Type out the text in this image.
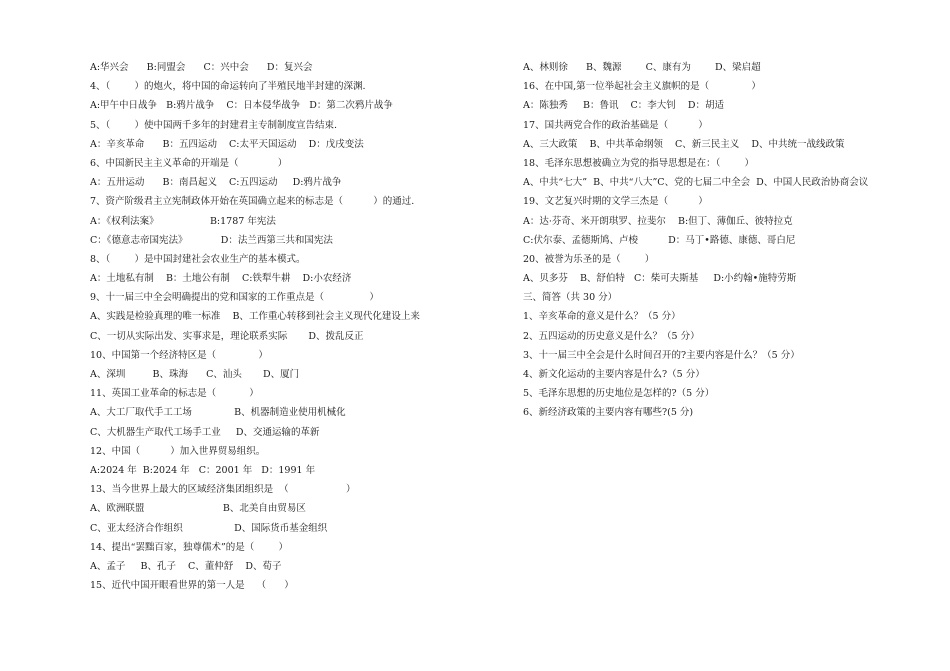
A:华兴会      B:同盟会      C：兴中会      D：复兴会
4、（        ）的炮火，将中国的命运转向了半殖民地半封建的深渊.
A:甲午中日战争   B:鸦片战争    C：日本侵华战争   D：第二次鸦片战争
5、（        ）使中国两千多年的封建君主专制制度宣告结束.
A：辛亥革命      B：五四运动    C:太平天国运动    D：戊戌变法
6、中国新民主主义革命的开端是（             ）
A：五卅运动      B：南昌起义    C:五四运动     D:鸦片战争
7、资产阶级君主立宪制政体开始在英国确立起来的标志是（          ）的通过.
A：《权利法案》                 B:1787 年宪法
C：《德意志帝国宪法》           D：法兰西第三共和国宪法
8、（        ）是中国封建社会农业生产的基本模式。
A：土地私有制    B：土地公有制    C:铁犁牛耕    D:小农经济
9、十一届三中全会明确提出的党和国家的工作重点是（               ）
A、实践是检验真理的唯一标准    B、工作重心转移到社会主义现代化建设上来
C、一切从实际出发、实事求是，理论联系实际       D、拨乱反正
10、中国第一个经济特区是（              ）
A、深圳         B、珠海      C、汕头       D、厦门
11、英国工业革命的标志是（           ）
A、大工厂取代手工工场              B、机器制造业使用机械化
C、大机器生产取代工场手工业     D、交通运输的革新
12、中国（          ）加入世界贸易组织。
A:2024 年  B:2024 年   C：2001 年   D：1991 年
13、当今世界上最大的区域经济集团组织是  （                   ）
A、欧洲联盟                          B、北美自由贸易区
C、亚太经济合作组织                 D、国际货币基金组织
14、提出“罢黜百家，独尊儒术”的是（        ）
A、孟子     B、孔子    C、董仲舒    D、荀子
15、近代中国开眼看世界的第一人是    （      ）
A、林则徐      B、魏源        C、康有为        D、梁启超
16、在中国,第一位举起社会主义旗帜的是（              ）
A：陈独秀     B：鲁讯    C：李大钊    D：胡适
17、国共两党合作的政治基础是（          ）
A、三大政策    B、中共革命纲领    C、新三民主义    D、中共统一战线政策
18、毛泽东思想被确立为党的指导思想是在：（        ）
A、中共“七大”  B、中共“八大”C、党的七届二中全会  D、中国人民政治协商会议
19、文艺复兴时期的文学三杰是（          ）
A：达·芬奇、米开朗琪罗、拉斐尔    B:但丁、薄伽丘、彼特拉克
C:伏尔泰、孟德斯鸠、卢梭          D：马丁•路德、康德、哥白尼
20、被誉为乐圣的是（        ）
A、贝多芬    B、舒伯特   C：柴可夫斯基     D:小约翰•施特劳斯
三、简答（共 30 分）
1、辛亥革命的意义是什么？（5 分）
2、五四运动的历史意义是什么？（5 分）
3、十一届三中全会是什么时间召开的?主要内容是什么？（5 分）
4、新文化运动的主要内容是什么?（5 分）
5、毛泽东思想的历史地位是怎样的?（5 分）
6、新经济政策的主要内容有哪些?(5 分)
